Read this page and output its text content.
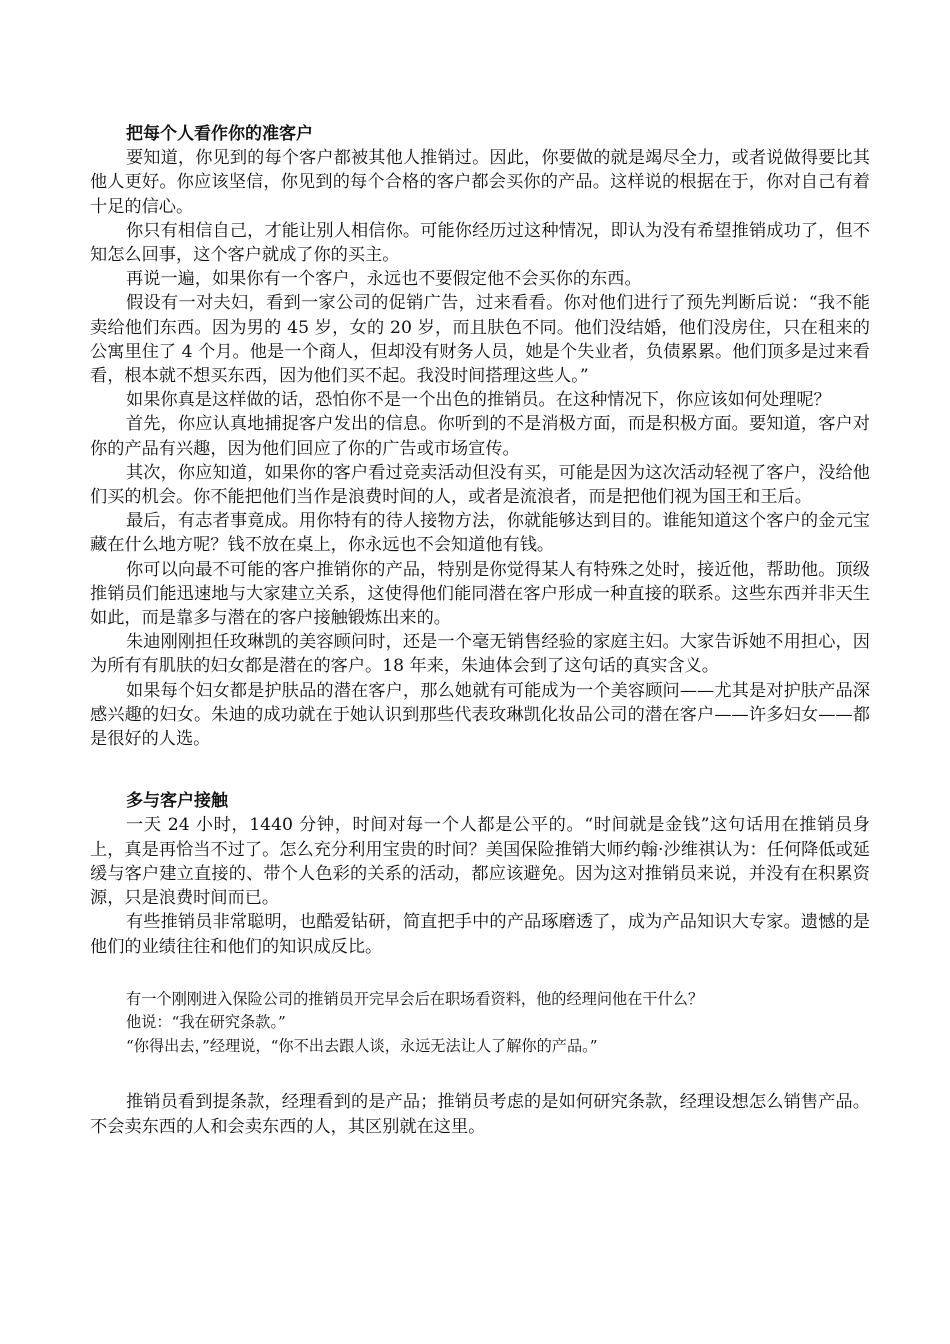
把每个人看作你的准客户

要知道，你见到的每个客户都被其他人推销过。因此，你要做的就是竭尽全力，或者说做得要比其他人更好。你应该坚信，你见到的每个合格的客户都会买你的产品。这样说的根据在于，你对自己有着十足的信心。

你只有相信自己，才能让别人相信你。可能你经历过这种情况，即认为没有希望推销成功了，但不知怎么回事，这个客户就成了你的买主。

再说一遍，如果你有一个客户，永远也不要假定他不会买你的东西。

假设有一对夫妇，看到一家公司的促销广告，过来看看。你对他们进行了预先判断后说：“我不能卖给他们东西。因为男的 45 岁，女的 20 岁，而且肤色不同。他们没结婚，他们没房住，只在租来的公寓里住了 4 个月。他是一个商人，但却没有财务人员，她是个失业者，负债累累。他们顶多是过来看看，根本就不想买东西，因为他们买不起。我没时间搭理这些人。”

如果你真是这样做的话，恐怕你不是一个出色的推销员。在这种情况下，你应该如何处理呢？

首先，你应认真地捕捉客户发出的信息。你听到的不是消极方面，而是积极方面。要知道，客户对你的产品有兴趣，因为他们回应了你的广告或市场宣传。

其次，你应知道，如果你的客户看过竞卖活动但没有买，可能是因为这次活动轻视了客户，没给他们买的机会。你不能把他们当作是浪费时间的人，或者是流浪者，而是把他们视为国王和王后。

最后，有志者事竟成。用你特有的待人接物方法，你就能够达到目的。谁能知道这个客户的金元宝藏在什么地方呢？钱不放在桌上，你永远也不会知道他有钱。

你可以向最不可能的客户推销你的产品，特别是你觉得某人有特殊之处时，接近他，帮助他。顶级推销员们能迅速地与大家建立关系，这使得他们能同潜在客户形成一种直接的联系。这些东西并非天生如此，而是靠多与潜在的客户接触锻炼出来的。

朱迪刚刚担任玫琳凯的美容顾问时，还是一个毫无销售经验的家庭主妇。大家告诉她不用担心，因为所有有肌肤的妇女都是潜在的客户。18 年来，朱迪体会到了这句话的真实含义。

如果每个妇女都是护肤品的潜在客户，那么她就有可能成为一个美容顾问——尤其是对护肤产品深感兴趣的妇女。朱迪的成功就在于她认识到那些代表玫琳凯化妆品公司的潜在客户——许多妇女——都是很好的人选。

多与客户接触

一天 24 小时，1440 分钟，时间对每一个人都是公平的。“时间就是金钱”这句话用在推销员身上，真是再恰当不过了。怎么充分利用宝贵的时间？美国保险推销大师约翰·沙维祺认为：任何降低或延缓与客户建立直接的、带个人色彩的关系的活动，都应该避免。因为这对推销员来说，并没有在积累资源，只是浪费时间而已。

有些推销员非常聪明，也酷爱钻研，简直把手中的产品琢磨透了，成为产品知识大专家。遗憾的是他们的业绩往往和他们的知识成反比。

有一个刚刚进入保险公司的推销员开完早会后在职场看资料，他的经理问他在干什么？

他说：“我在研究条款。”

“你得出去，”经理说，“你不出去跟人谈，永远无法让人了解你的产品。”

推销员看到提条款，经理看到的是产品；推销员考虑的是如何研究条款，经理设想怎么销售产品。不会卖东西的人和会卖东西的人，其区别就在这里。
